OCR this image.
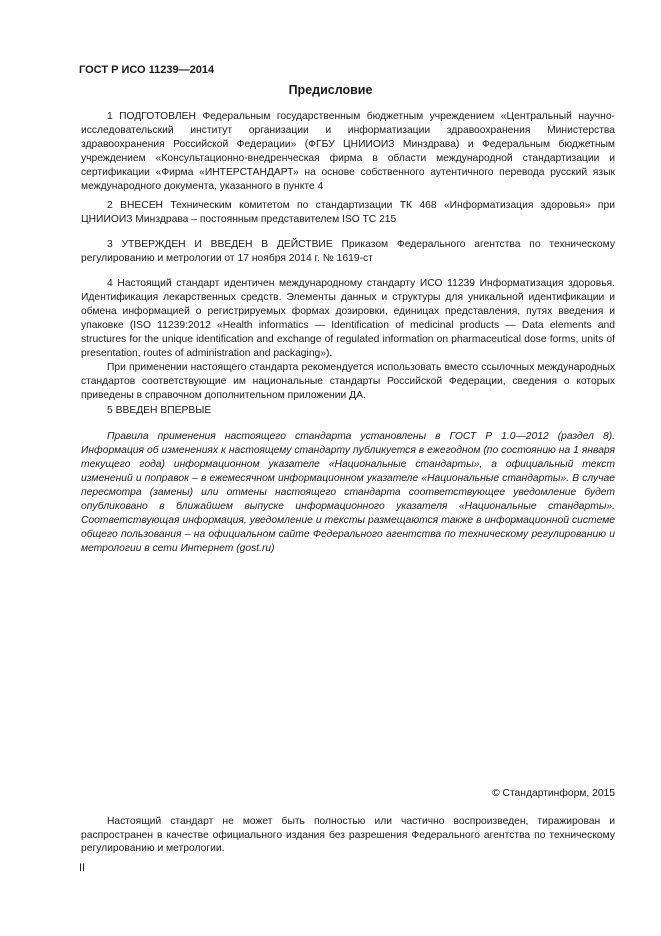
ГОСТ Р ИСО 11239—2014
Предисловие

1 ПОДГОТОВЛЕН Федеральным государственным бюджетным учреждением «Центральный научно-исследовательский институт организации и информатизации здравоохранения Министерства здравоохранения Российской Федерации» (ФГБУ ЦНИИОИЗ Минздрава) и Федеральным бюджетным учреждением «Консультационно-внедренческая фирма в области международной стандартизации и сертификации «Фирма «ИНТЕРСТАНДАРТ» на основе собственного аутентичного перевода русский язык международного документа, указанного в пункте 4

2 ВНЕСЕН Техническим комитетом по стандартизации ТК 468 «Информатизация здоровья» при ЦНИИОИЗ Минздрава – постоянным представителем ISO TC 215

3 УТВЕРЖДЕН И ВВЕДЕН В ДЕЙСТВИЕ Приказом Федерального агентства по техническому регулированию и метрологии от 17 ноября 2014 г. № 1619-ст

4 Настоящий стандарт идентичен международному стандарту ИСО 11239 Информатизация здоровья. Идентификация лекарственных средств. Элементы данных и структуры для уникальной идентификации и обмена информацией о регистрируемых формах дозировки, единицах представления, путях введения и упаковке (ISO 11239:2012 «Health informatics — Identification of medicinal products — Data elements and structures for the unique identification and exchange of regulated information on pharmaceutical dose forms, units of presentation, routes of administration and packaging»).

При применении настоящего стандарта рекомендуется использовать вместо ссылочных международных стандартов соответствующие им национальные стандарты Российской Федерации, сведения о которых приведены в справочном дополнительном приложении ДА.

5 ВВЕДЕН ВПЕРВЫЕ

Правила применения настоящего стандарта установлены в ГОСТ Р 1.0—2012 (раздел 8). Информация об изменениях к настоящему стандарту публикуется в ежегодном (по состоянию на 1 января текущего года) информационном указателе «Национальные стандарты», а официальный текст изменений и поправок – в ежемесячном информационном указателе «Национальные стандарты». В случае пересмотра (замены) или отмены настоящего стандарта соответствующее уведомление будет опубликовано в ближайшем выпуске информационного указателя «Национальные стандарты». Соответствующая информация, уведомление и тексты размещаются также в информационной системе общего пользования – на официальном сайте Федерального агентства по техническому регулированию и метрологии в сети Интернет (gost.ru)

© Стандартинформ, 2015

Настоящий стандарт не может быть полностью или частично воспроизведен, тиражирован и распространен в качестве официального издания без разрешения Федерального агентства по техническому регулированию и метрологии.

II
